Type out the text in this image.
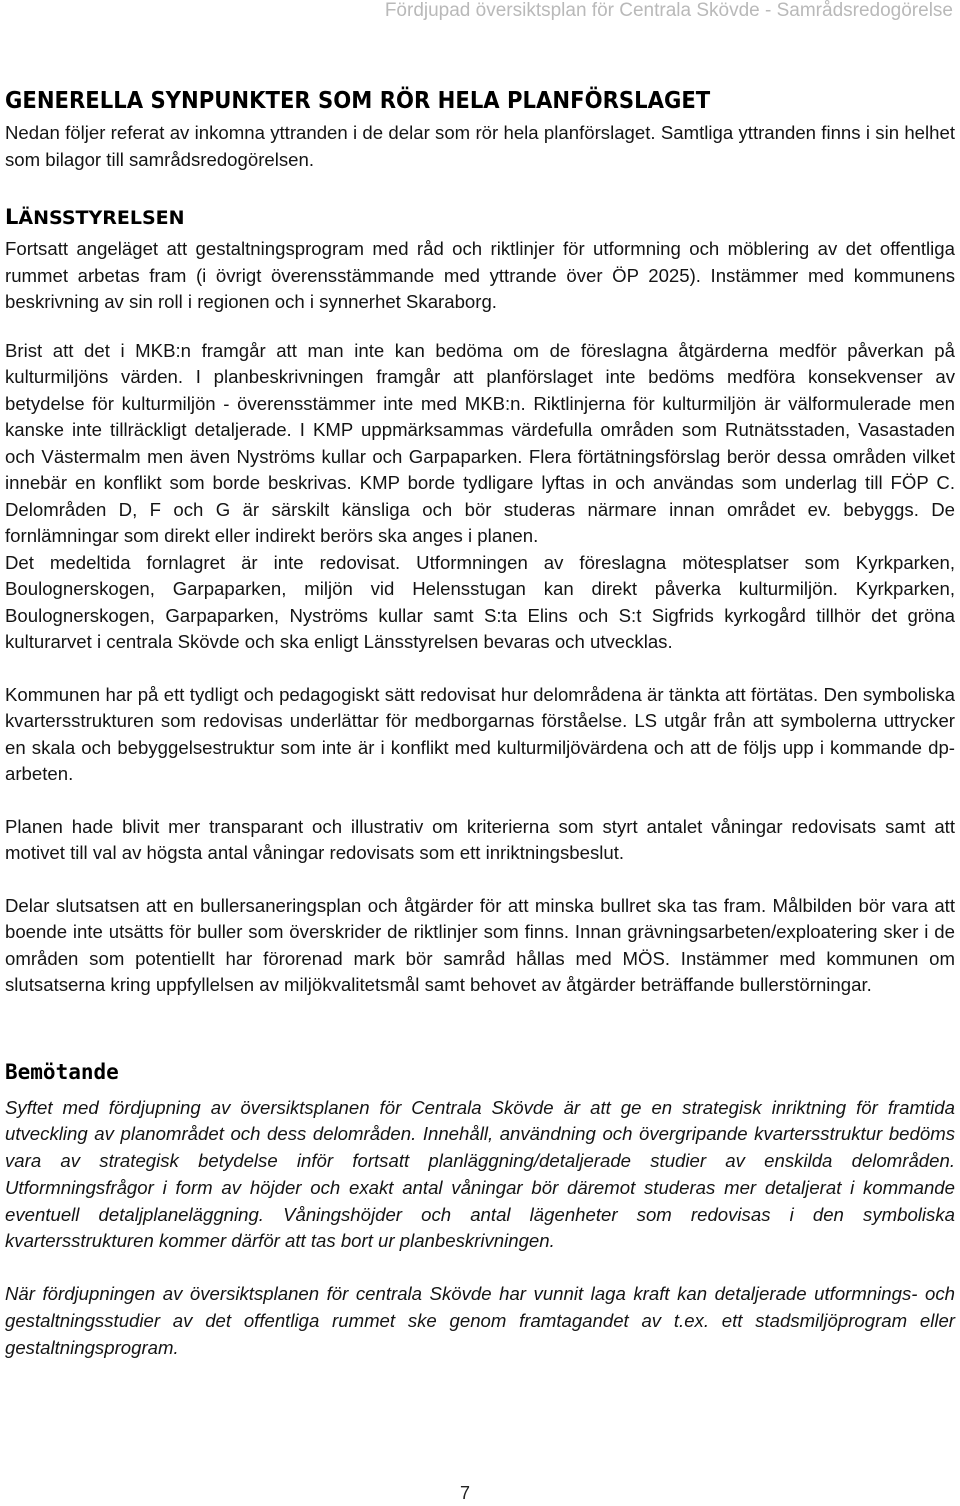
Fördjupad översiktsplan för Centrala Skövde - Samrådsredogörelse
GENERELLA SYNPUNKTER SOM RÖR HELA PLANFÖRSLAGET

Nedan följer referat av inkomna yttranden i de delar som rör hela planförslaget. Samtliga yttranden finns i sin helhet som bilagor till samrådsredogörelsen.

LÄNSSTYRELSEN

Fortsatt angeläget att gestaltningsprogram med råd och riktlinjer för utformning och möblering av det offentliga rummet arbetas fram (i övrigt överensstämmande med yttrande över ÖP 2025). Instämmer med kommunens beskrivning av sin roll i regionen och i synnerhet Skaraborg.

Brist att det i MKB:n framgår att man inte kan bedöma om de föreslagna åtgärderna medför påverkan på kulturmiljöns värden. I planbeskrivningen framgår att planförslaget inte bedöms medföra konsekvenser av betydelse för kulturmiljön - överensstämmer inte med MKB:n. Riktlinjerna för kulturmiljön är välformulerade men kanske inte tillräckligt detaljerade. I KMP uppmärksammas värdefulla områden som Rutnätsstaden, Vasastaden och Västermalm men även Nyströms kullar och Garpaparken. Flera förtätningsförslag berör dessa områden vilket innebär en konflikt som borde beskrivas. KMP borde tydligare lyftas in och användas som underlag till FÖP C. Delområden D, F och G är särskilt känsliga och bör studeras närmare innan området ev. bebyggs. De fornlämningar som direkt eller indirekt berörs ska anges i planen.

Det medeltida fornlagret är inte redovisat. Utformningen av föreslagna mötesplatser som Kyrkparken, Boulognerskogen, Garpaparken, miljön vid Helensstugan kan direkt påverka kulturmiljön. Kyrkparken, Boulognerskogen, Garpaparken, Nyströms kullar samt S:ta Elins och S:t Sigfrids kyrkogård tillhör det gröna kulturarvet i centrala Skövde och ska enligt Länsstyrelsen bevaras och utvecklas.

Kommunen har på ett tydligt och pedagogiskt sätt redovisat hur delområdena är tänkta att förtätas. Den symboliska kvartersstrukturen som redovisas underlättar för medborgarnas förståelse. LS utgår från att symbolerna uttrycker en skala och bebyggelsestruktur som inte är i konflikt med kulturmiljövärdena och att de följs upp i kommande dp-arbeten.

Planen hade blivit mer transparant och illustrativ om kriterierna som styrt antalet våningar redovisats samt att motivet till val av högsta antal våningar redovisats som ett inriktningsbeslut.

Delar slutsatsen att en bullersaneringsplan och åtgärder för att minska bullret ska tas fram. Målbilden bör vara att boende inte utsätts för buller som överskrider de riktlinjer som finns. Innan grävningsarbeten/exploatering sker i de områden som potentiellt har förorenad mark bör samråd hållas med MÖS. Instämmer med kommunen om slutsatserna kring uppfyllelsen av miljökvalitetsmål samt behovet av åtgärder beträffande bullerstörningar.

Bemötande

Syftet med fördjupning av översiktsplanen för Centrala Skövde är att ge en strategisk inriktning för framtida utveckling av planområdet och dess delområden. Innehåll, användning och övergripande kvartersstruktur bedöms vara av strategisk betydelse inför fortsatt planläggning/detaljerade studier av enskilda delområden. Utformningsfrågor i form av höjder och exakt antal våningar bör däremot studeras mer detaljerat i kommande eventuell detaljplaneläggning. Våningshöjder och antal lägenheter som redovisas i den symboliska kvartersstrukturen kommer därför att tas bort ur planbeskrivningen.

När fördjupningen av översiktsplanen för centrala Skövde har vunnit laga kraft kan detaljerade utformnings- och gestaltningsstudier av det offentliga rummet ske genom framtagandet av t.ex. ett stadsmiljöprogram eller gestaltningsprogram.

7
